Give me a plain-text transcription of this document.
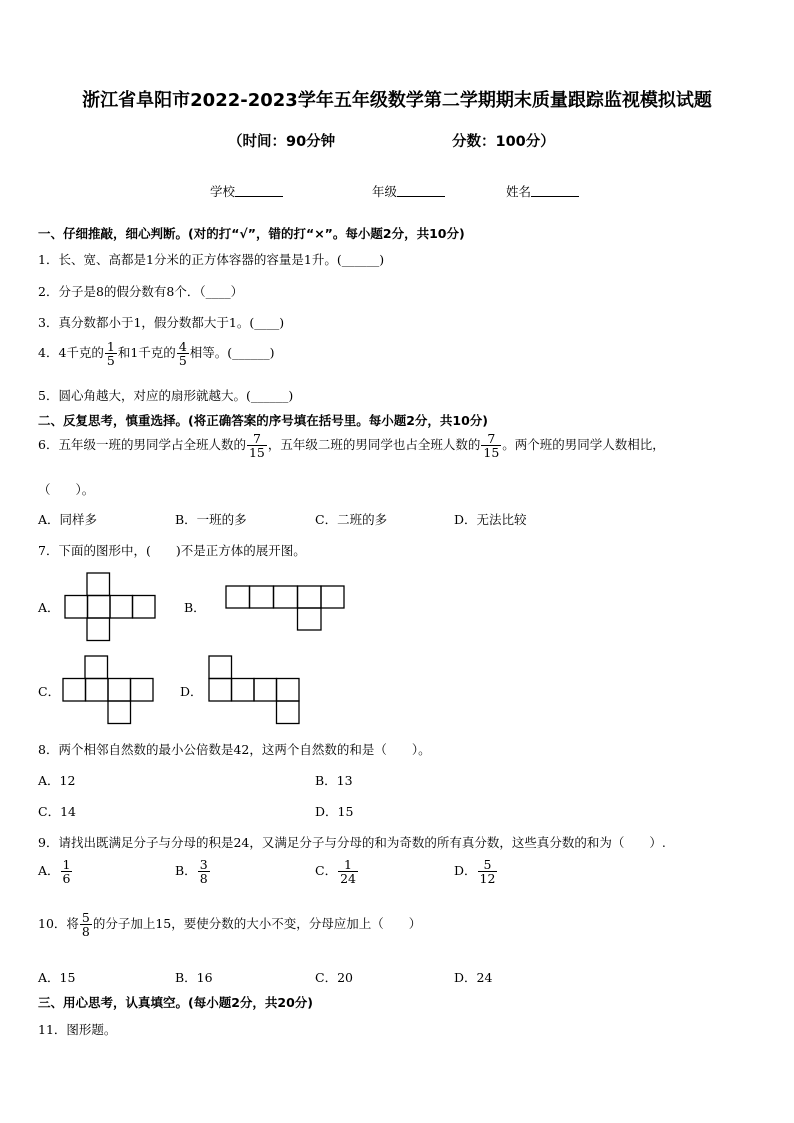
浙江省阜阳市2022-2023学年五年级数学第二学期期末质量跟踪监视模拟试题
（时间：90分钟	分数：100分）
学校	年级	姓名
一、仔细推敲，细心判断。(对的打“√”，错的打“×”。每小题2分，共10分)
1．长、宽、高都是1分米的正方体容器的容量是1升。(______)
2．分子是8的假分数有8个．（____）
3．真分数都小于1，假分数都大于1。(____)
4．4千克的 $\frac{1}{5}$ 和1千克的 $\frac{4}{5}$ 相等。(______)
5．圆心角越大，对应的扇形就越大。(______)
二、反复思考，慎重选择。(将正确答案的序号填在括号里。每小题2分，共10分)
6．五年级一班的男同学占全班人数的 $\frac{7}{15}$ ，五年级二班的男同学也占全班人数的 $\frac{7}{15}$ 。两个班的男同学人数相比，
（　　）。
A．同样多	B．一班的多	C．二班的多	D．无法比较
7．下面的图形中，(　　)不是正方体的展开图。
A．	B．
C．	D．
8．两个相邻自然数的最小公倍数是42，这两个自然数的和是（　　）。
A．12	B．13
C．14	D．15
9．请找出既满足分子与分母的积是24，又满足分子与分母的和为奇数的所有真分数，这些真分数的和为（　　）.
A． $\frac{1}{6}$	B． $\frac{3}{8}$	C． $\frac{1}{24}$	D． $\frac{5}{12}$
10．将 $\frac{5}{8}$ 的分子加上15，要使分数的大小不变，分母应加上（　　）
A．15	B．16	C．20	D．24
三、用心思考，认真填空。(每小题2分，共20分)
11．图形题。
